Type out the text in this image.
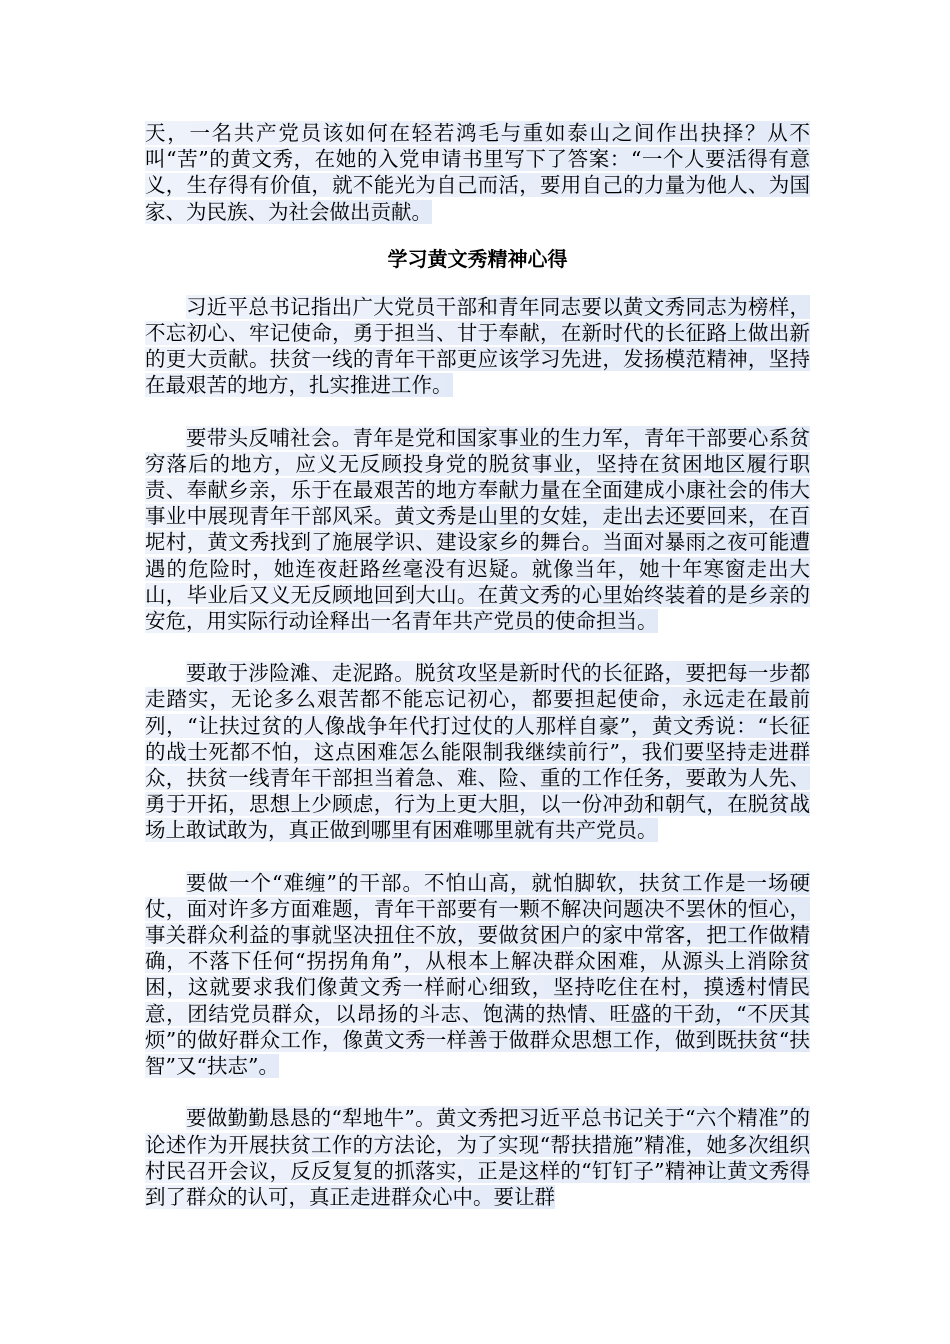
天，一名共产党员该如何在轻若鸿毛与重如泰山之间作出抉择？从不叫“苦”的黄文秀，在她的入党申请书里写下了答案：“一个人要活得有意义，生存得有价值，就不能光为自己而活，要用自己的力量为他人、为国家、为民族、为社会做出贡献。

学习黄文秀精神心得

习近平总书记指出广大党员干部和青年同志要以黄文秀同志为榜样，不忘初心、牢记使命，勇于担当、甘于奉献，在新时代的长征路上做出新的更大贡献。扶贫一线的青年干部更应该学习先进，发扬模范精神，坚持在最艰苦的地方，扎实推进工作。

要带头反哺社会。青年是党和国家事业的生力军，青年干部要心系贫穷落后的地方，应义无反顾投身党的脱贫事业，坚持在贫困地区履行职责、奉献乡亲，乐于在最艰苦的地方奉献力量在全面建成小康社会的伟大事业中展现青年干部风采。黄文秀是山里的女娃，走出去还要回来，在百坭村，黄文秀找到了施展学识、建设家乡的舞台。当面对暴雨之夜可能遭遇的危险时，她连夜赶路丝毫没有迟疑。就像当年，她十年寒窗走出大山，毕业后又义无反顾地回到大山。在黄文秀的心里始终装着的是乡亲的安危，用实际行动诠释出一名青年共产党员的使命担当。

要敢于涉险滩、走泥路。脱贫攻坚是新时代的长征路，要把每一步都走踏实，无论多么艰苦都不能忘记初心，都要担起使命，永远走在最前列，“让扶过贫的人像战争年代打过仗的人那样自豪”，黄文秀说：“长征的战士死都不怕，这点困难怎么能限制我继续前行”，我们要坚持走进群众，扶贫一线青年干部担当着急、难、险、重的工作任务，要敢为人先、勇于开拓，思想上少顾虑，行为上更大胆，以一份冲劲和朝气，在脱贫战场上敢试敢为，真正做到哪里有困难哪里就有共产党员。

要做一个“难缠”的干部。不怕山高，就怕脚软，扶贫工作是一场硬仗，面对许多方面难题，青年干部要有一颗不解决问题决不罢休的恒心，事关群众利益的事就坚决扭住不放，要做贫困户的家中常客，把工作做精确，不落下任何“拐拐角角”，从根本上解决群众困难，从源头上消除贫困，这就要求我们像黄文秀一样耐心细致，坚持吃住在村，摸透村情民意，团结党员群众，以昂扬的斗志、饱满的热情、旺盛的干劲，“不厌其烦”的做好群众工作，像黄文秀一样善于做群众思想工作，做到既扶贫“扶智”又“扶志”。

要做勤勤恳恳的“犁地牛”。黄文秀把习近平总书记关于“六个精准”的论述作为开展扶贫工作的方法论，为了实现“帮扶措施”精准，她多次组织村民召开会议，反反复复的抓落实，正是这样的“钉钉子”精神让黄文秀得到了群众的认可，真正走进群众心中。要让群
